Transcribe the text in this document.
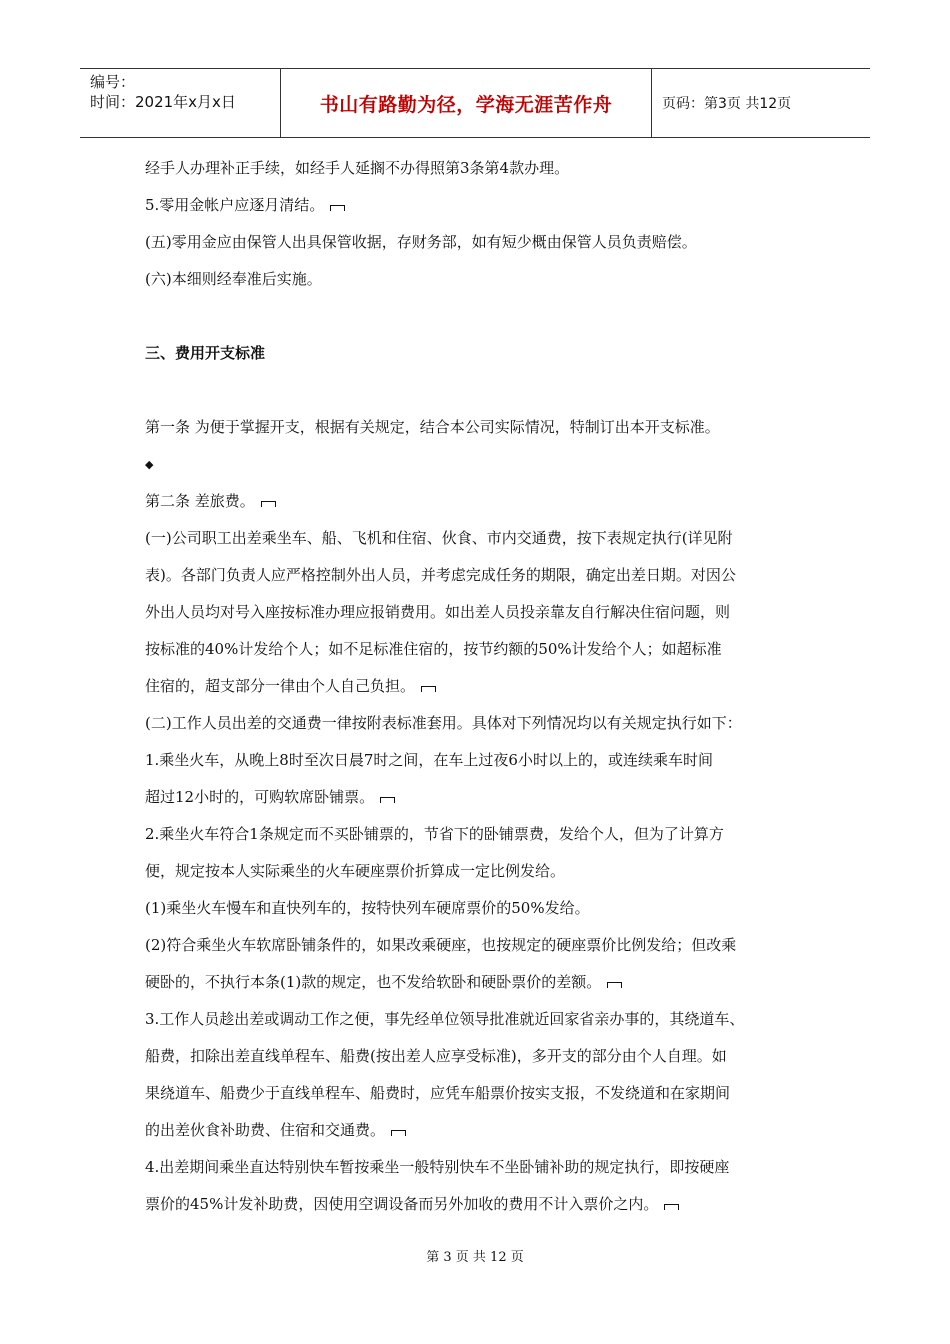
编号：
时间：2021年x月x日	书山有路勤为径，学海无涯苦作舟	页码：第3页 共12页

经手人办理补正手续，如经手人延搁不办得照第3条第4款办理。

5.零用金帐户应逐月清结。

(五)零用金应由保管人出具保管收据，存财务部，如有短少概由保管人员负责赔偿。

(六)本细则经奉准后实施。

三、费用开支标准

第一条 为便于掌握开支，根据有关规定，结合本公司实际情况，特制订出本开支标准。

◆

第二条 差旅费。

(一)公司职工出差乘坐车、船、飞机和住宿、伙食、市内交通费，按下表规定执行(详见附

表)。各部门负责人应严格控制外出人员，并考虑完成任务的期限，确定出差日期。对因公

外出人员均对号入座按标准办理应报销费用。如出差人员投亲靠友自行解决住宿问题，则

按标准的40%计发给个人；如不足标准住宿的，按节约额的50%计发给个人；如超标准

住宿的，超支部分一律由个人自己负担。

(二)工作人员出差的交通费一律按附表标准套用。具体对下列情况均以有关规定执行如下：

1.乘坐火车，从晚上8时至次日晨7时之间，在车上过夜6小时以上的，或连续乘车时间

超过12小时的，可购软席卧铺票。

2.乘坐火车符合1条规定而不买卧铺票的，节省下的卧铺票费，发给个人，但为了计算方

便，规定按本人实际乘坐的火车硬座票价折算成一定比例发给。

(1)乘坐火车慢车和直快列车的，按特快列车硬席票价的50%发给。

(2)符合乘坐火车软席卧铺条件的，如果改乘硬座，也按规定的硬座票价比例发给；但改乘

硬卧的，不执行本条(1)款的规定，也不发给软卧和硬卧票价的差额。

3.工作人员趁出差或调动工作之便，事先经单位领导批准就近回家省亲办事的，其绕道车、

船费，扣除出差直线单程车、船费(按出差人应享受标准)，多开支的部分由个人自理。如

果绕道车、船费少于直线单程车、船费时，应凭车船票价按实支报，不发绕道和在家期间

的出差伙食补助费、住宿和交通费。

4.出差期间乘坐直达特别快车暂按乘坐一般特别快车不坐卧铺补助的规定执行，即按硬座

票价的45%计发补助费，因使用空调设备而另外加收的费用不计入票价之内。

第 3 页 共 12 页
